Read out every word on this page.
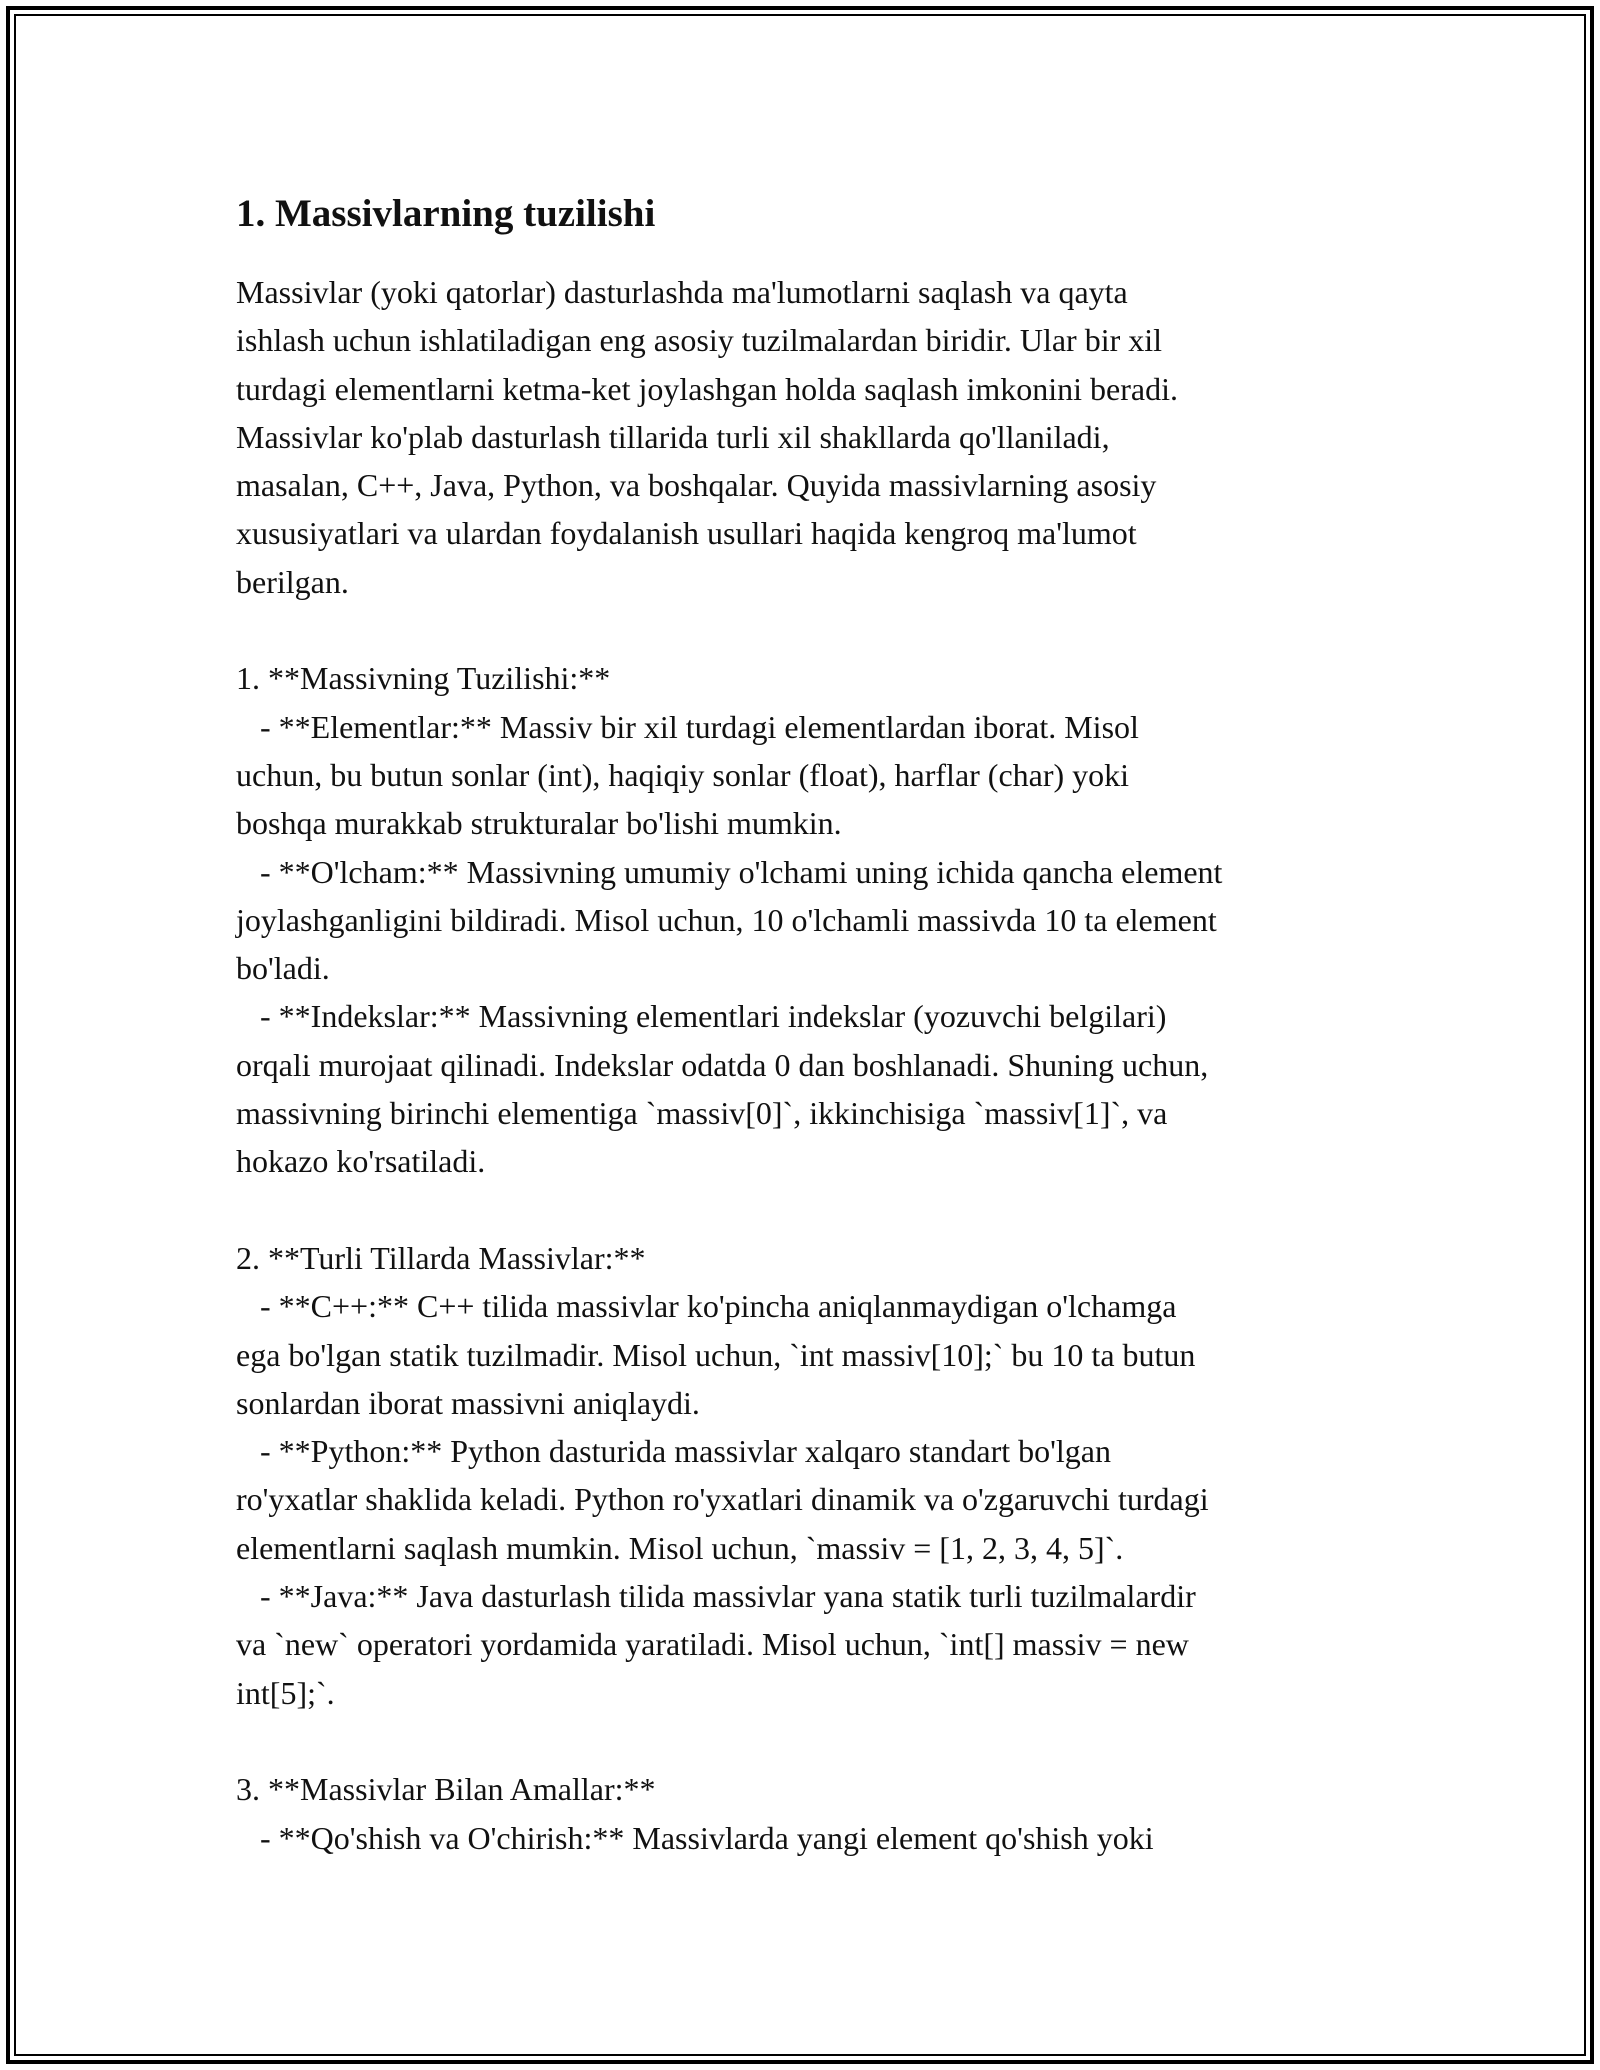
1. Massivlarning tuzilishi

Massivlar (yoki qatorlar) dasturlashda ma'lumotlarni saqlash va qayta
ishlash uchun ishlatiladigan eng asosiy tuzilmalardan biridir. Ular bir xil
turdagi elementlarni ketma-ket joylashgan holda saqlash imkonini beradi.
Massivlar ko'plab dasturlash tillarida turli xil shakllarda qo'llaniladi,
masalan, C++, Java, Python, va boshqalar. Quyida massivlarning asosiy
xususiyatlari va ulardan foydalanish usullari haqida kengroq ma'lumot
berilgan.

1. **Massivning Tuzilishi:**
- **Elementlar:** Massiv bir xil turdagi elementlardan iborat. Misol
uchun, bu butun sonlar (int), haqiqiy sonlar (float), harflar (char) yoki
boshqa murakkab strukturalar bo'lishi mumkin.
- **O'lcham:** Massivning umumiy o'lchami uning ichida qancha element
joylashganligini bildiradi. Misol uchun, 10 o'lchamli massivda 10 ta element
bo'ladi.
- **Indekslar:** Massivning elementlari indekslar (yozuvchi belgilari)
orqali murojaat qilinadi. Indekslar odatda 0 dan boshlanadi. Shuning uchun,
massivning birinchi elementiga `massiv[0]`, ikkinchisiga `massiv[1]`, va
hokazo ko'rsatiladi.

2. **Turli Tillarda Massivlar:**
- **C++:** C++ tilida massivlar ko'pincha aniqlanmaydigan o'lchamga
ega bo'lgan statik tuzilmadir. Misol uchun, `int massiv[10];` bu 10 ta butun
sonlardan iborat massivni aniqlaydi.
- **Python:** Python dasturida massivlar xalqaro standart bo'lgan
ro'yxatlar shaklida keladi. Python ro'yxatlari dinamik va o'zgaruvchi turdagi
elementlarni saqlash mumkin. Misol uchun, `massiv = [1, 2, 3, 4, 5]`.
- **Java:** Java dasturlash tilida massivlar yana statik turli tuzilmalardir
va `new` operatori yordamida yaratiladi. Misol uchun, `int[] massiv = new
int[5];`.

3. **Massivlar Bilan Amallar:**
- **Qo'shish va O'chirish:** Massivlarda yangi element qo'shish yoki
